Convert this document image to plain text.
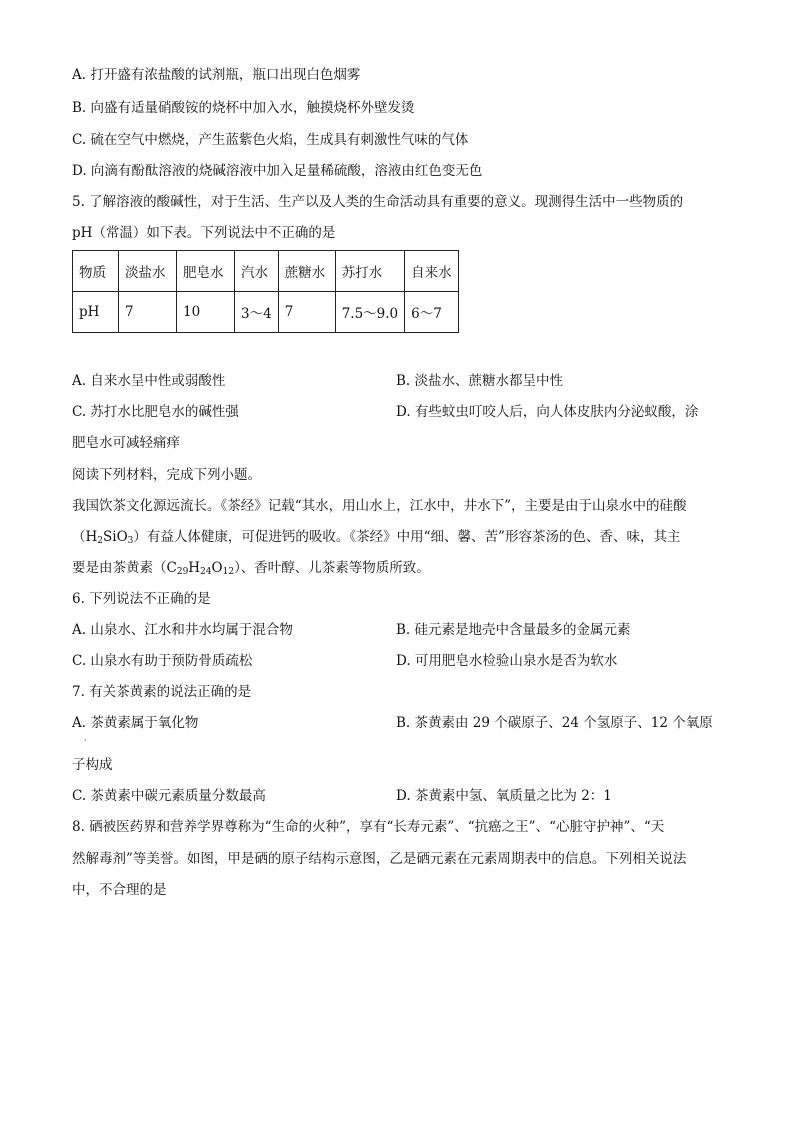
A. 打开盛有浓盐酸的试剂瓶，瓶口出现白色烟雾
B. 向盛有适量硝酸铵的烧杯中加入水，触摸烧杯外壁发烫
C. 硫在空气中燃烧，产生蓝紫色火焰，生成具有刺激性气味的气体
D. 向滴有酚酞溶液的烧碱溶液中加入足量稀硫酸，溶液由红色变无色
5. 了解溶液的酸碱性，对于生活、生产以及人类的生命活动具有重要的意义。现测得生活中一些物质的
pH（常温）如下表。下列说法中不正确的是
物质	淡盐水	肥皂水	汽水	蔗糖水	苏打水	自来水
pH	7	10	3～4	7	7.5～9.0	6～7
A. 自来水呈中性或弱酸性	B. 淡盐水、蔗糖水都呈中性
C. 苏打水比肥皂水的碱性强	D. 有些蚊虫叮咬人后，向人体皮肤内分泌蚁酸，涂
肥皂水可减轻痛痒
阅读下列材料，完成下列小题。
我国饮茶文化源远流长。《茶经》记载“其水，用山水上，江水中，井水下”，主要是由于山泉水中的硅酸
$(H_2SiO_3)$有益人体健康，可促进钙的吸收。《茶经》中用“细、馨、苦”形容茶汤的色、香、味，其主
要是由茶黄素$(C_{29}H_{24}O_{12})$、香叶醇、儿茶素等物质所致。
6. 下列说法不正确的是
A. 山泉水、江水和井水均属于混合物	B. 硅元素是地壳中含量最多的金属元素
C. 山泉水有助于预防骨质疏松	D. 可用肥皂水检验山泉水是否为软水
7. 有关茶黄素的说法正确的是
A. 茶黄素属于氧化物
·
B. 茶黄素由 29 个碳原子、24 个氢原子、12 个氧原
子构成
C. 茶黄素中碳元素质量分数最高	D. 茶黄素中氢、氧质量之比为 2：1
8. 硒被医药界和营养学界尊称为“生命的火种”，享有“长寿元素”、“抗癌之王”、“心脏守护神”、“天
然解毒剂”等美誉。如图，甲是硒的原子结构示意图，乙是硒元素在元素周期表中的信息。下列相关说法
中，不合理的是
